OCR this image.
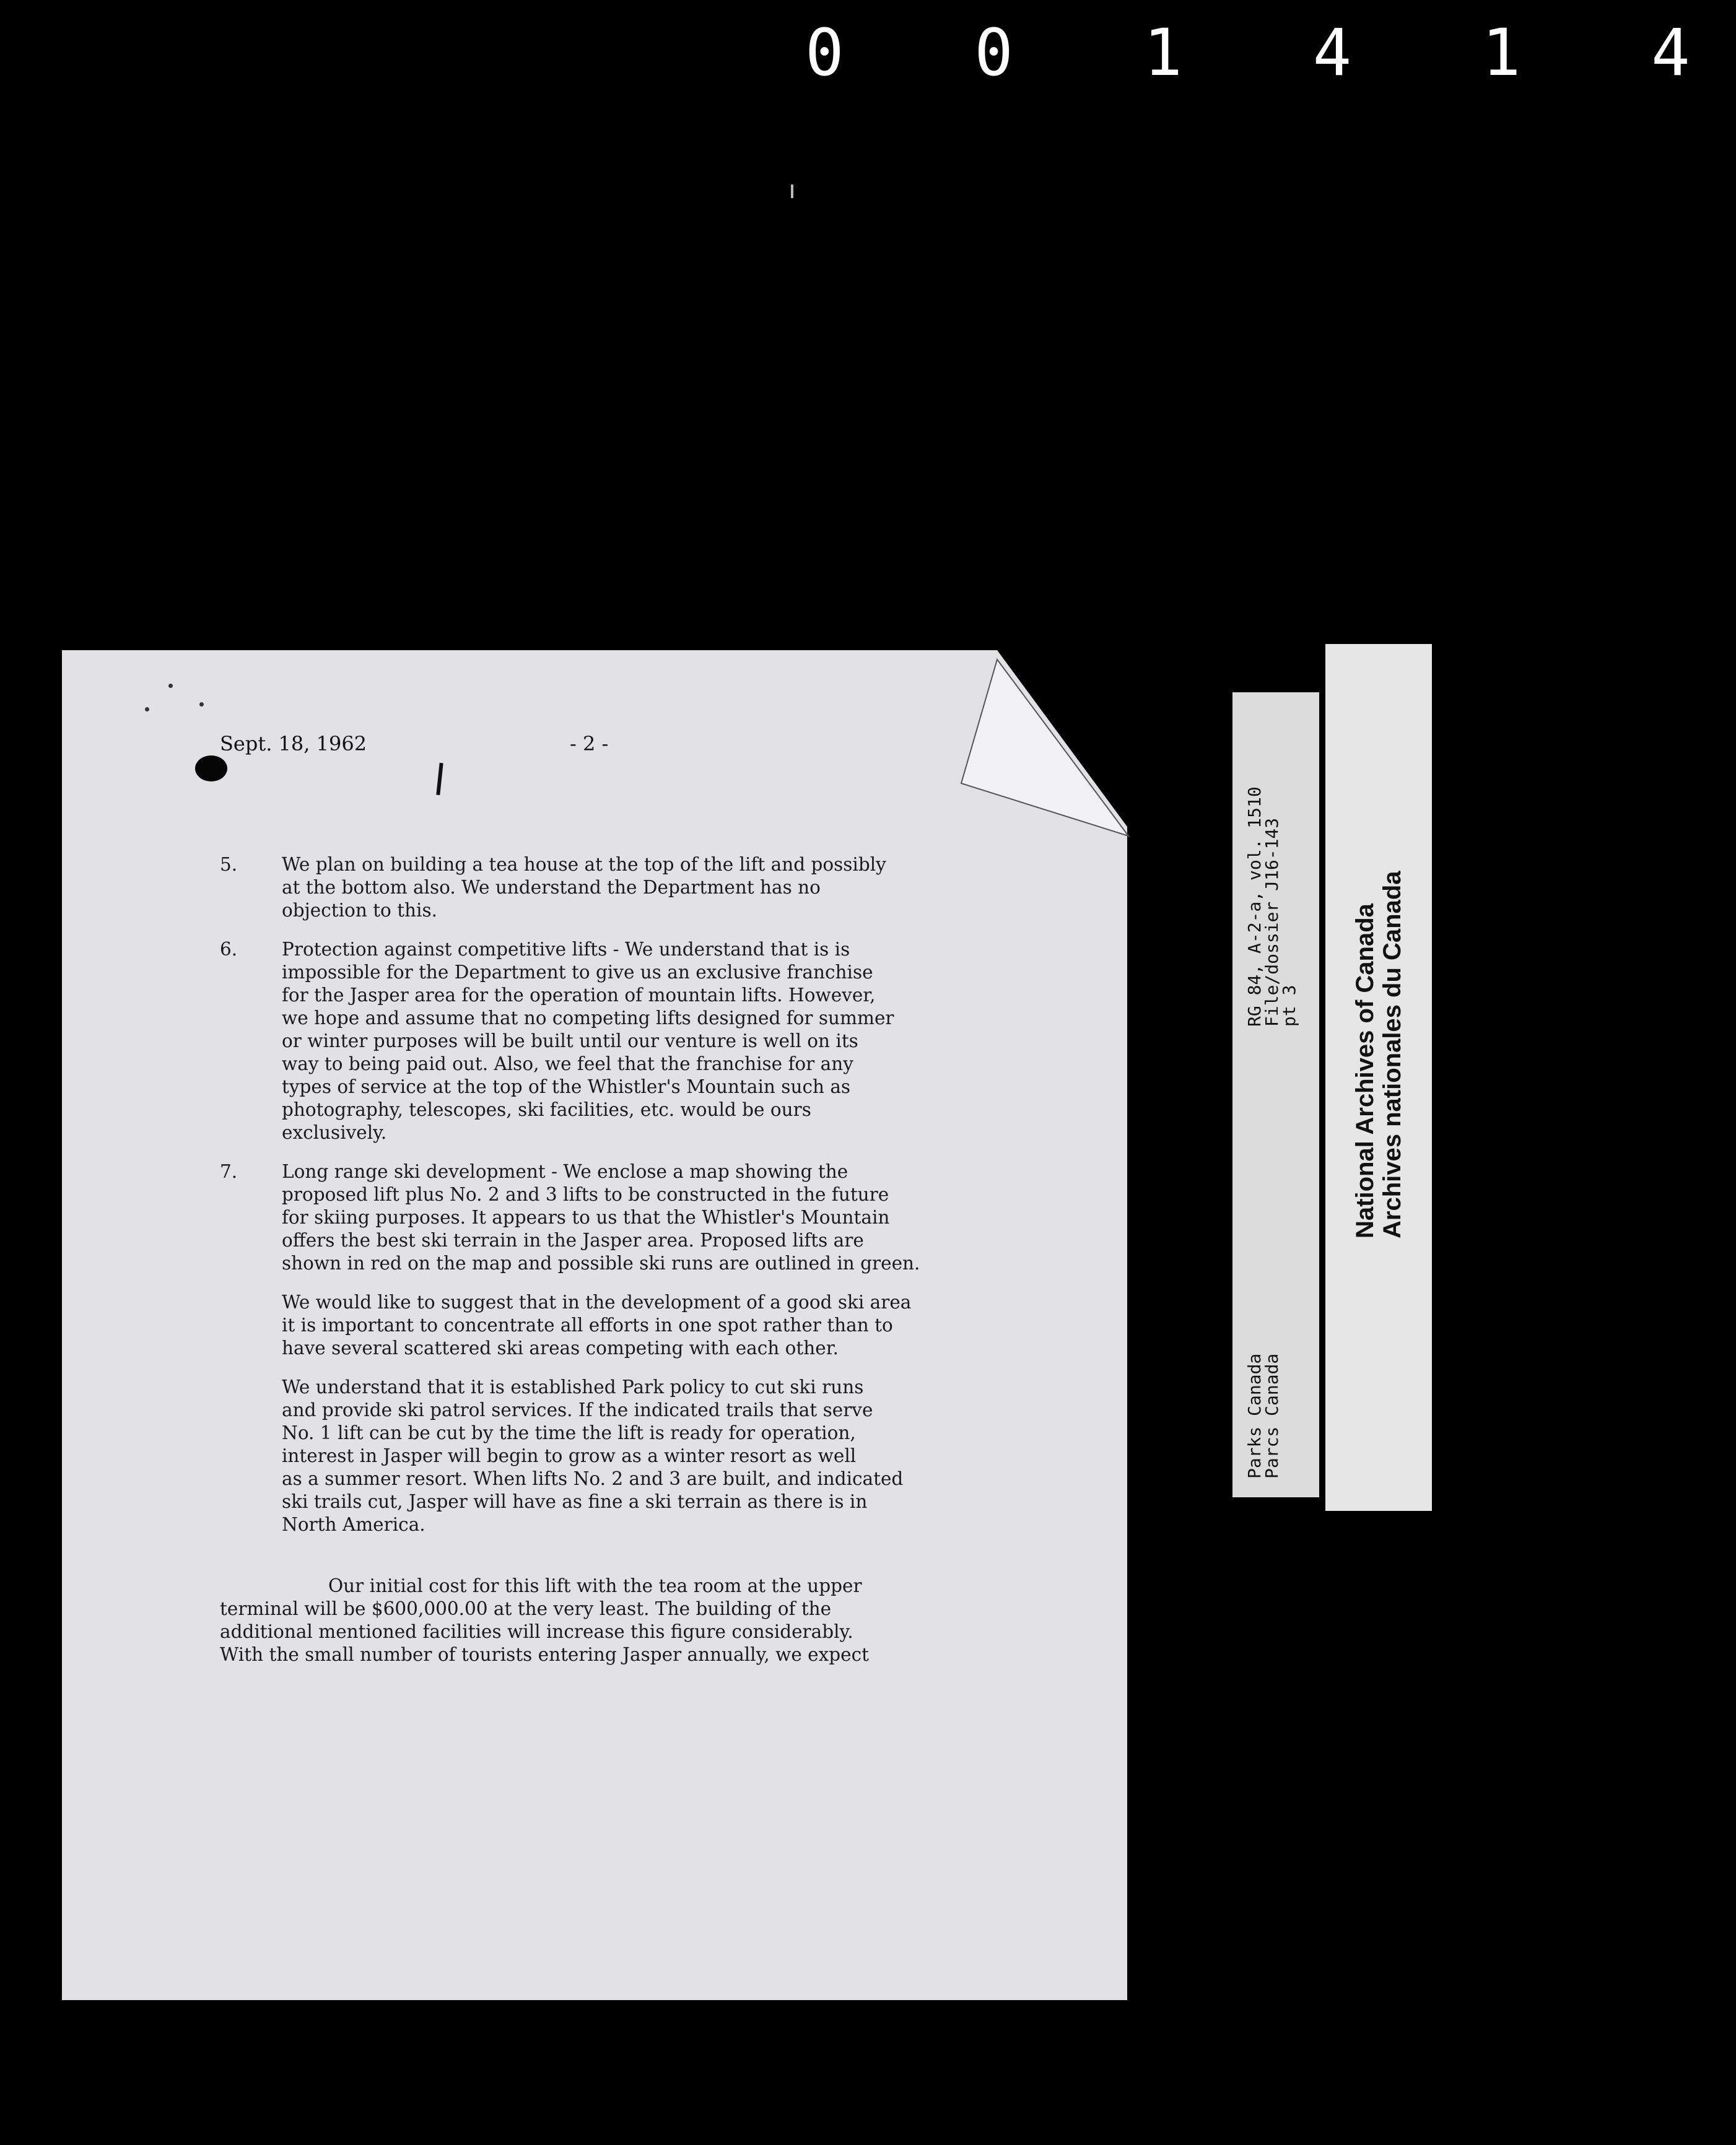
0 0 1 4 1 4
Sept. 18, 1962	- 2 -
5.	We plan on building a tea house at the top of the lift and possibly
at the bottom also. We understand the Department has no
objection to this.
6.	Protection against competitive lifts - We understand that is is
impossible for the Department to give us an exclusive franchise
for the Jasper area for the operation of mountain lifts. However,
we hope and assume that no competing lifts designed for summer
or winter purposes will be built until our venture is well on its
way to being paid out. Also, we feel that the franchise for any
types of service at the top of the Whistler's Mountain such as
photography, telescopes, ski facilities, etc. would be ours
exclusively.
7.	Long range ski development - We enclose a map showing the
proposed lift plus No. 2 and 3 lifts to be constructed in the future
for skiing purposes. It appears to us that the Whistler's Mountain
offers the best ski terrain in the Jasper area. Proposed lifts are
shown in red on the map and possible ski runs are outlined in green.
We would like to suggest that in the development of a good ski area
it is important to concentrate all efforts in one spot rather than to
have several scattered ski areas competing with each other.
We understand that it is established Park policy to cut ski runs
and provide ski patrol services. If the indicated trails that serve
No. 1 lift can be cut by the time the lift is ready for operation,
interest in Jasper will begin to grow as a winter resort as well
as a summer resort. When lifts No. 2 and 3 are built, and indicated
ski trails cut, Jasper will have as fine a ski terrain as there is in
North America.
Our initial cost for this lift with the tea room at the upper
terminal will be $600,000.00 at the very least. The building of the
additional mentioned facilities will increase this figure considerably.
With the small number of tourists entering Jasper annually, we expect
RG 84, A-2-a, vol. 1510
File/dossier J16-143
pt 3
Parks Canada
Parcs Canada
National Archives of Canada Archives nationales du Canada
